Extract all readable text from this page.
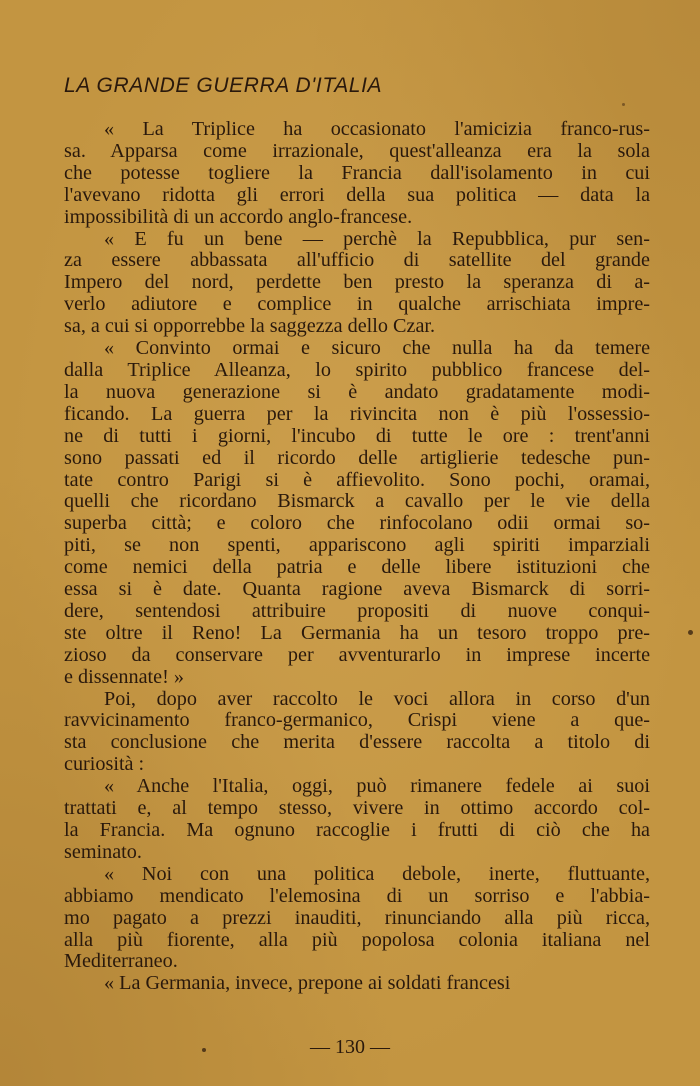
LA GRANDE GUERRA D'ITALIA
« La Triplice ha occasionato l'amicizia franco-rus-
sa. Apparsa come irrazionale, quest'alleanza era la sola
che potesse togliere la Francia dall'isolamento in cui
l'avevano ridotta gli errori della sua politica — data la
impossibilità di un accordo anglo-francese.
« E fu un bene — perchè la Repubblica, pur sen-
za essere abbassata all'ufficio di satellite del grande
Impero del nord, perdette ben presto la speranza di a-
verlo adiutore e complice in qualche arrischiata impre-
sa, a cui si opporrebbe la saggezza dello Czar.
« Convinto ormai e sicuro che nulla ha da temere
dalla Triplice Alleanza, lo spirito pubblico francese del-
la nuova generazione si è andato gradatamente modi-
ficando. La guerra per la rivincita non è più l'ossessio-
ne di tutti i giorni, l'incubo di tutte le ore : trent'anni
sono passati ed il ricordo delle artiglierie tedesche pun-
tate contro Parigi si è affievolito. Sono pochi, oramai,
quelli che ricordano Bismarck a cavallo per le vie della
superba città; e coloro che rinfocolano odii ormai so-
piti, se non spenti, appariscono agli spiriti imparziali
come nemici della patria e delle libere istituzioni che
essa si è date. Quanta ragione aveva Bismarck di sorri-
dere, sentendosi attribuire propositi di nuove conqui-
ste oltre il Reno! La Germania ha un tesoro troppo pre-
zioso da conservare per avventurarlo in imprese incerte
e dissennate! »
Poi, dopo aver raccolto le voci allora in corso d'un
ravvicinamento franco-germanico, Crispi viene a que-
sta conclusione che merita d'essere raccolta a titolo di
curiosità :
« Anche l'Italia, oggi, può rimanere fedele ai suoi
trattati e, al tempo stesso, vivere in ottimo accordo col-
la Francia. Ma ognuno raccoglie i frutti di ciò che ha
seminato.
« Noi con una politica debole, inerte, fluttuante,
abbiamo mendicato l'elemosina di un sorriso e l'abbia-
mo pagato a prezzi inauditi, rinunciando alla più ricca,
alla più fiorente, alla più popolosa colonia italiana nel
Mediterraneo.
« La Germania, invece, prepone ai soldati francesi
— 130 —
